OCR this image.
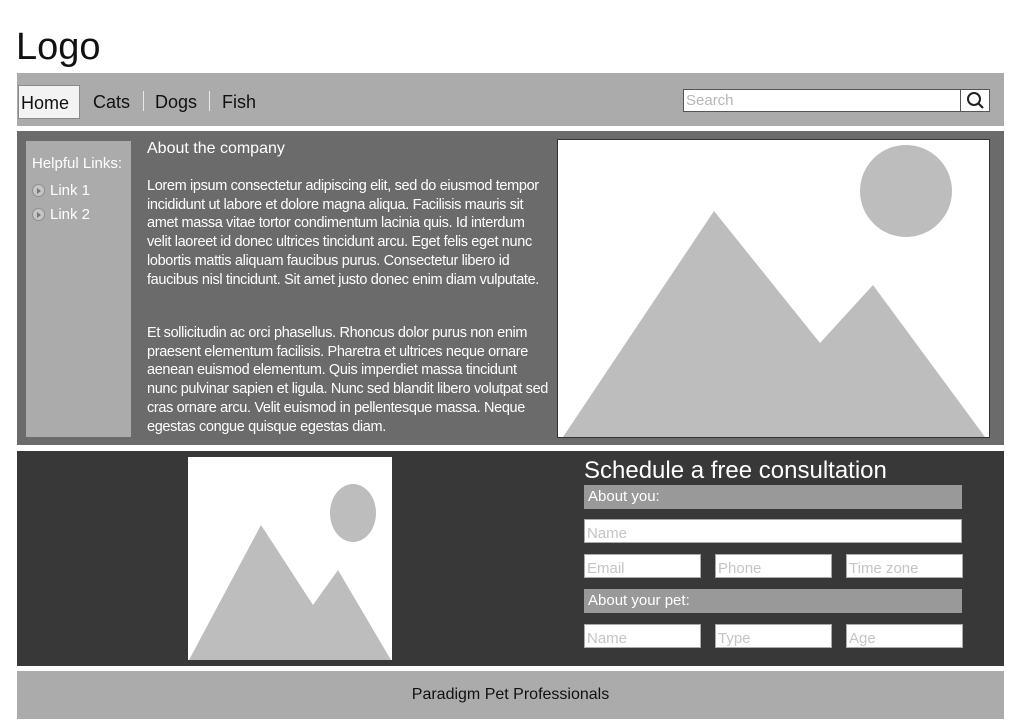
Logo
Home	Cats Dogs Fish
Search
Helpful Links:
Link 1
Link 2
About the company
Lorem ipsum consectetur adipiscing elit, sed do eiusmod tempor incididunt ut labore et dolore magna aliqua. Facilisis mauris sit amet massa vitae tortor condimentum lacinia quis. Id interdum velit laoreet id donec ultrices tincidunt arcu. Eget felis eget nunc lobortis mattis aliquam faucibus purus. Consectetur libero id faucibus nisl tincidunt. Sit amet justo donec enim diam vulputate.
Et sollicitudin ac orci phasellus. Rhoncus dolor purus non enim praesent elementum facilisis. Pharetra et ultrices neque ornare aenean euismod elementum. Quis imperdiet massa tincidunt nunc pulvinar sapien et ligula. Nunc sed blandit libero volutpat sed cras ornare arcu. Velit euismod in pellentesque massa. Neque egestas congue quisque egestas diam.
Schedule a free consultation
About you:
Name
Email
Phone
Time zone
About your pet:
Name
Type
Age
Paradigm Pet Professionals
